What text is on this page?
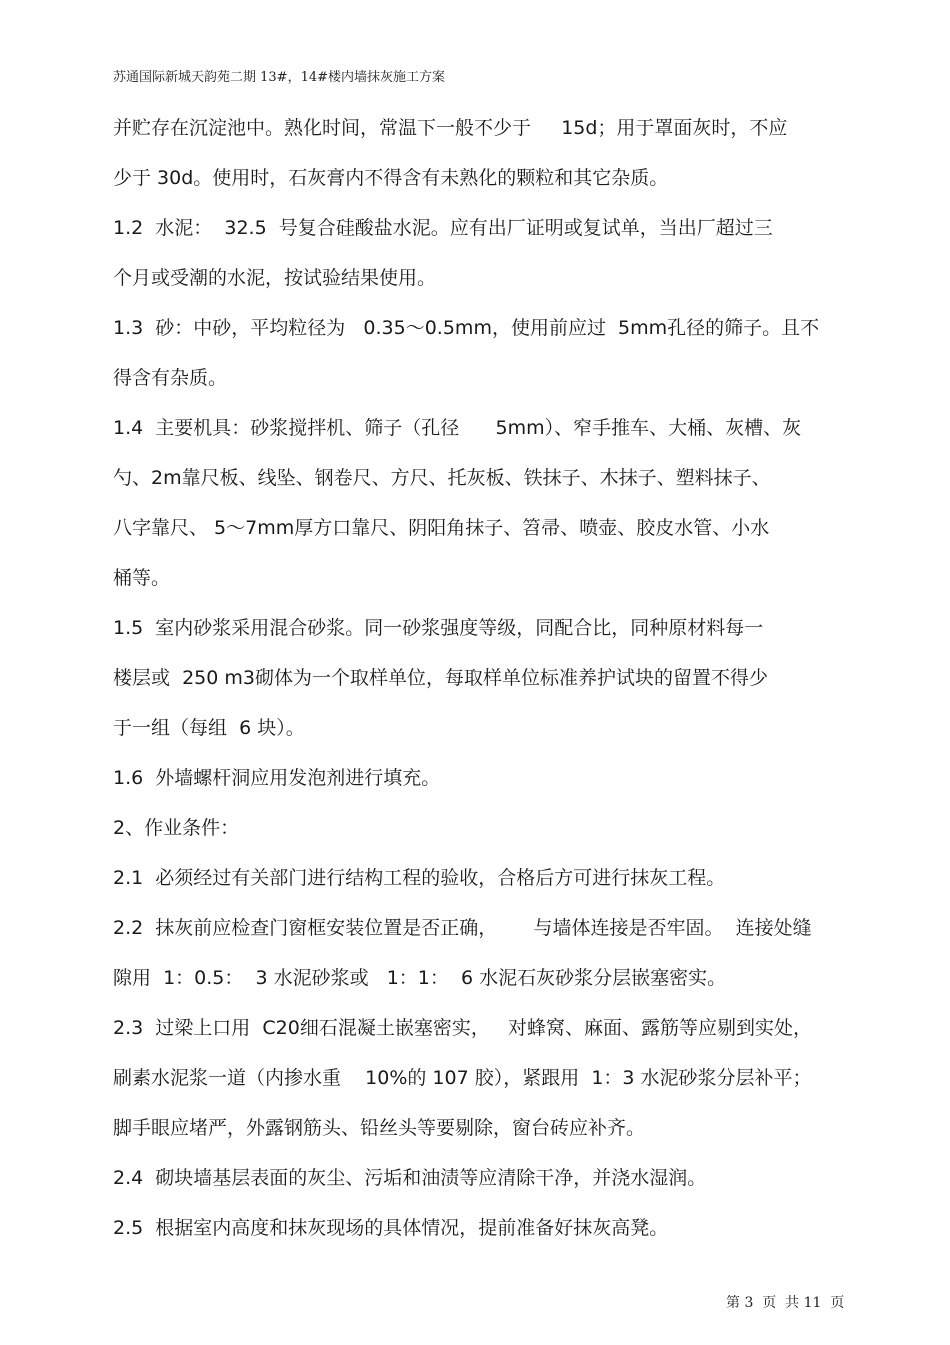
苏通国际新城天韵苑二期 13#，14#楼内墙抹灰施工方案
并贮存在沉淀池中。熟化时间，常温下一般不少于     15d；用于罩面灰时，不应
少于 30d。使用时，石灰膏内不得含有未熟化的颗粒和其它杂质。
1.2  水泥：  32.5  号复合硅酸盐水泥。应有出厂证明或复试单，当出厂超过三
个月或受潮的水泥，按试验结果使用。
1.3  砂：中砂，平均粒径为   0.35～0.5mm，使用前应过  5mm孔径的筛子。且不
得含有杂质。
1.4  主要机具：砂浆搅拌机、筛子（孔径      5mm）、窄手推车、大桶、灰槽、灰
勺、2m靠尺板、线坠、钢卷尺、方尺、托灰板、铁抹子、木抹子、塑料抹子、
八字靠尺、 5～7mm厚方口靠尺、阴阳角抹子、笤帚、喷壶、胶皮水管、小水
桶等。
1.5  室内砂浆采用混合砂浆。同一砂浆强度等级，同配合比，同种原材料每一
楼层或  250 m3砌体为一个取样单位，每取样单位标准养护试块的留置不得少
于一组（每组  6 块）。
1.6  外墙螺杆洞应用发泡剂进行填充。
2、作业条件：
2.1  必须经过有关部门进行结构工程的验收，合格后方可进行抹灰工程。
2.2  抹灰前应检查门窗框安装位置是否正确，      与墙体连接是否牢固。  连接处缝
隙用  1：0.5：  3 水泥砂浆或   1：1：  6 水泥石灰砂浆分层嵌塞密实。
2.3  过梁上口用  C20细石混凝土嵌塞密实，   对蜂窝、麻面、露筋等应剔到实处，
刷素水泥浆一道（内掺水重    10%的 107 胶），紧跟用  1：3 水泥砂浆分层补平；
脚手眼应堵严，外露钢筋头、铅丝头等要剔除，窗台砖应补齐。
2.4  砌块墙基层表面的灰尘、污垢和油渍等应清除干净，并浇水湿润。
2.5  根据室内高度和抹灰现场的具体情况，提前准备好抹灰高凳。
第 3  页  共 11  页
